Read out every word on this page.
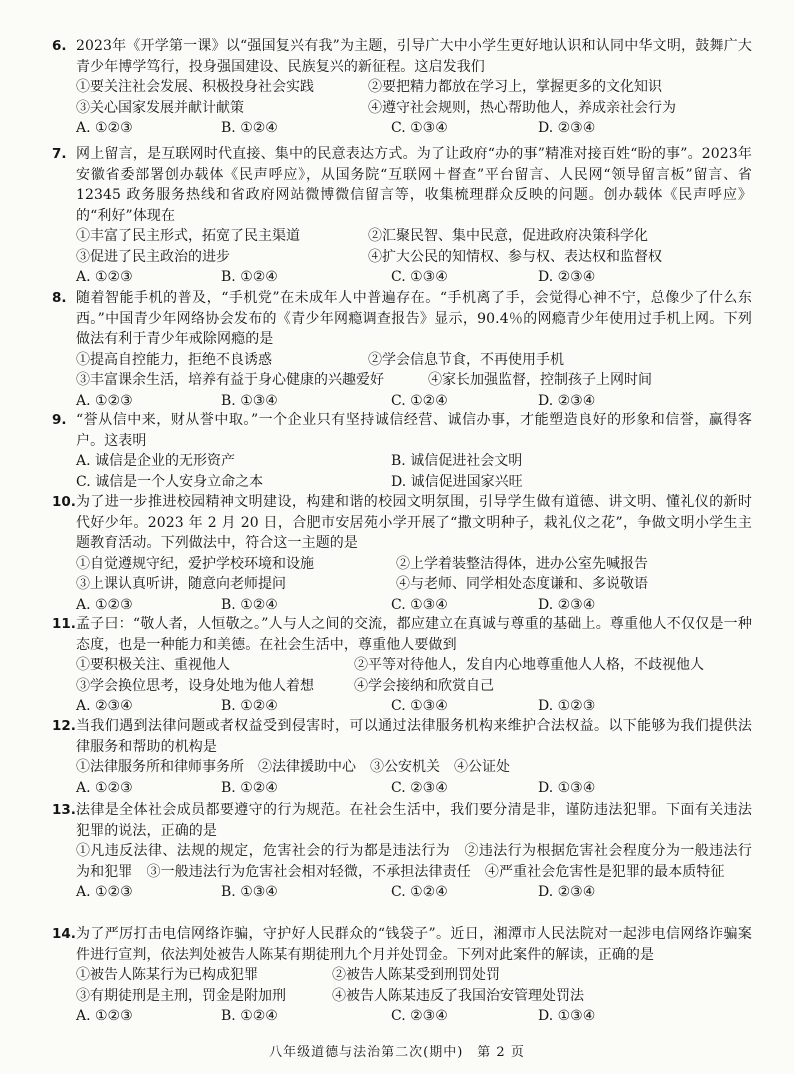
6. 2023年《开学第一课》以“强国复兴有我”为主题，引导广大中小学生更好地认识和认同中华文明，鼓舞广大青少年博学笃行，投身强国建设、民族复兴的新征程。这启发我们
①要关注社会发展、积极投身社会实践	②要把精力都放在学习上，掌握更多的文化知识
③关心国家发展并献计献策	④遵守社会规则，热心帮助他人，养成亲社会行为
A. ①②③	B. ①②④	C. ①③④	D. ②③④
7. 网上留言，是互联网时代直接、集中的民意表达方式。为了让政府“办的事”精准对接百姓“盼的事”。2023年安徽省委部署创办载体《民声呼应》，从国务院“互联网＋督查”平台留言、人民网“领导留言板”留言、省 12345 政务服务热线和省政府网站微博微信留言等，收集梳理群众反映的问题。创办载体《民声呼应》的“利好”体现在
①丰富了民主形式，拓宽了民主渠道	②汇聚民智、集中民意，促进政府决策科学化
③促进了民主政治的进步	④扩大公民的知情权、参与权、表达权和监督权
A. ①②③	B. ①②④	C. ①③④	D. ②③④
8. 随着智能手机的普及，“手机党”在未成年人中普遍存在。“手机离了手，会觉得心神不宁，总像少了什么东西。”中国青少年网络协会发布的《青少年网瘾调查报告》显示，90.4％的网瘾青少年使用过手机上网。下列做法有利于青少年戒除网瘾的是
①提高自控能力，拒绝不良诱惑	②学会信息节食，不再使用手机
③丰富课余生活，培养有益于身心健康的兴趣爱好	④家长加强监督，控制孩子上网时间
A. ①②③	B. ①③④	C. ①②④	D. ②③④
9. “誉从信中来，财从誉中取。”一个企业只有坚持诚信经营、诚信办事，才能塑造良好的形象和信誉，赢得客户。这表明
A. 诚信是企业的无形资产	B. 诚信促进社会文明
C. 诚信是一个人安身立命之本	D. 诚信促进国家兴旺
10. 为了进一步推进校园精神文明建设，构建和谐的校园文明氛围，引导学生做有道德、讲文明、懂礼仪的新时代好少年。2023 年 2 月 20 日，合肥市安居苑小学开展了“撒文明种子，栽礼仪之花”，争做文明小学生主题教育活动。下列做法中，符合这一主题的是
①自觉遵规守纪，爱护学校环境和设施	②上学着装整洁得体，进办公室先喊报告
③上课认真听讲，随意向老师提问	④与老师、同学相处态度谦和、多说敬语
A. ①②③	B. ①②④	C. ①③④	D. ②③④
11. 孟子曰：“敬人者，人恒敬之。”人与人之间的交流，都应建立在真诚与尊重的基础上。尊重他人不仅仅是一种态度，也是一种能力和美德。在社会生活中，尊重他人要做到
①要积极关注、重视他人	②平等对待他人，发自内心地尊重他人人格，不歧视他人
③学会换位思考，设身处地为他人着想	④学会接纳和欣赏自己
A. ②③④	B. ①②④	C. ①③④	D. ①②③
12. 当我们遇到法律问题或者权益受到侵害时，可以通过法律服务机构来维护合法权益。以下能够为我们提供法律服务和帮助的机构是
①法律服务所和律师事务所　②法律援助中心　③公安机关　④公证处
A. ①②③	B. ①②④	C. ②③④	D. ①③④
13. 法律是全体社会成员都要遵守的行为规范。在社会生活中，我们要分清是非，谨防违法犯罪。下面有关违法犯罪的说法，正确的是
①凡违反法律、法规的规定，危害社会的行为都是违法行为　②违法行为根据危害社会程度分为一般违法行为和犯罪　③一般违法行为危害社会相对轻微，不承担法律责任　④严重社会危害性是犯罪的最本质特征
A. ①②③	B. ①③④	C. ①②④	D. ②③④
14. 为了严厉打击电信网络诈骗，守护好人民群众的“钱袋子”。近日，湘潭市人民法院对一起涉电信网络诈骗案件进行宣判，依法判处被告人陈某有期徒刑九个月并处罚金。下列对此案件的解读，正确的是
①被告人陈某行为已构成犯罪	②被告人陈某受到刑罚处罚
③有期徒刑是主刑，罚金是附加刑	④被告人陈某违反了我国治安管理处罚法
A. ①②③	B. ①②④	C. ②③④	D. ①③④
八年级道德与法治第二次(期中)　第 2 页
